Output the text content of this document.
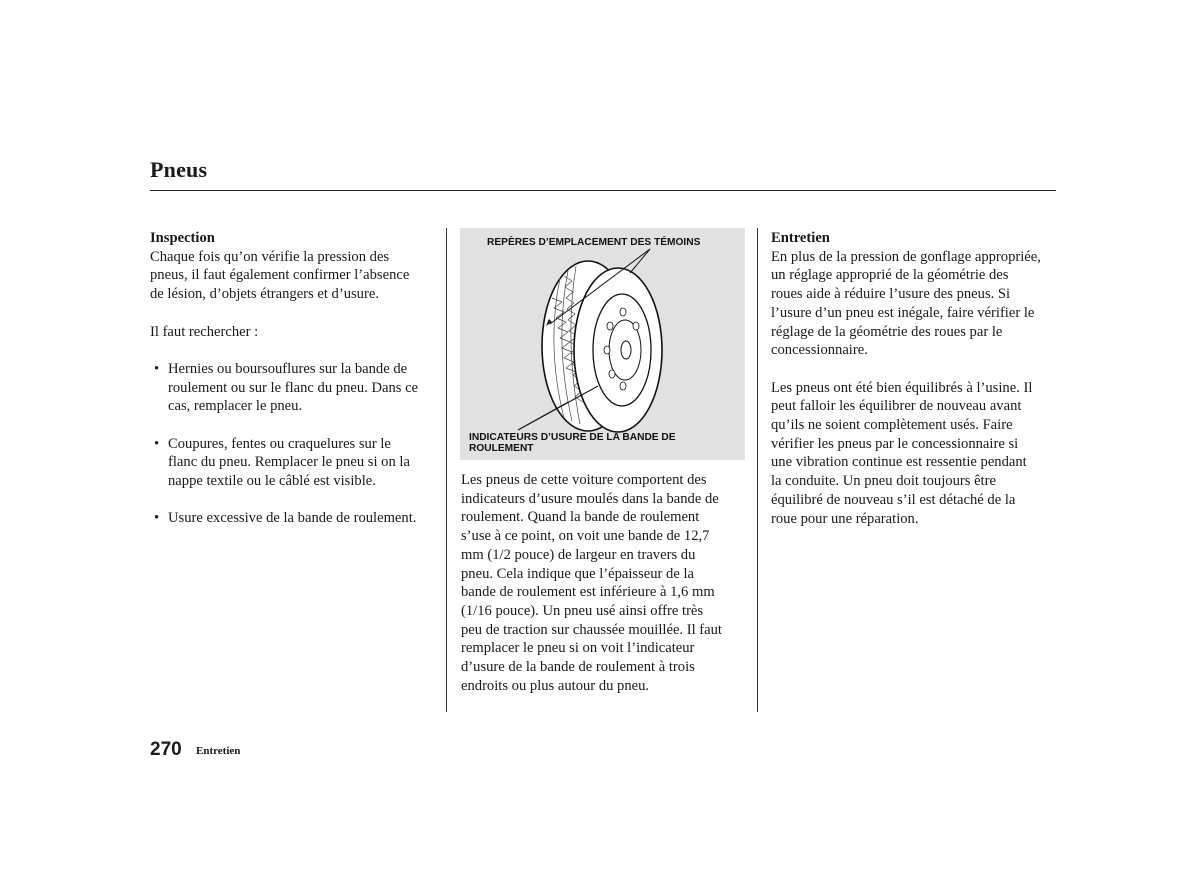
Pneus

Inspection

Chaque fois qu’on vérifie la pression des

pneus, il faut également confirmer l’absence

de lésion, d’objets étrangers et d’usure.

Il faut rechercher :

• Hernies ou boursouflures sur la bande de

roulement ou sur le flanc du pneu. Dans ce

cas, remplacer le pneu.

• Coupures, fentes ou craquelures sur le

flanc du pneu. Remplacer le pneu si on la

nappe textile ou le câblé est visible.

• Usure excessive de la bande de roulement.

REPÈRES D’EMPLACEMENT DES TÉMOINS
INDICATEURS D’USURE DE LA BANDE DE
ROULEMENT

Les pneus de cette voiture comportent des

indicateurs d’usure moulés dans la bande de

roulement. Quand la bande de roulement

s’use à ce point, on voit une bande de 12,7

mm (1/2 pouce) de largeur en travers du

pneu. Cela indique que l’épaisseur de la

bande de roulement est inférieure à 1,6 mm

(1/16 pouce). Un pneu usé ainsi offre très

peu de traction sur chaussée mouillée. Il faut

remplacer le pneu si on voit l’indicateur

d’usure de la bande de roulement à trois

endroits ou plus autour du pneu.

Entretien

En plus de la pression de gonflage appropriée,

un réglage approprié de la géométrie des

roues aide à réduire l’usure des pneus. Si

l’usure d’un pneu est inégale, faire vérifier le

réglage de la géométrie des roues par le

concessionnaire.

Les pneus ont été bien équilibrés à l’usine. Il

peut falloir les équilibrer de nouveau avant

qu’ils ne soient complètement usés. Faire

vérifier les pneus par le concessionnaire si

une vibration continue est ressentie pendant

la conduite. Un pneu doit toujours être

équilibré de nouveau s’il est détaché de la

roue pour une réparation.

270 Entretien
